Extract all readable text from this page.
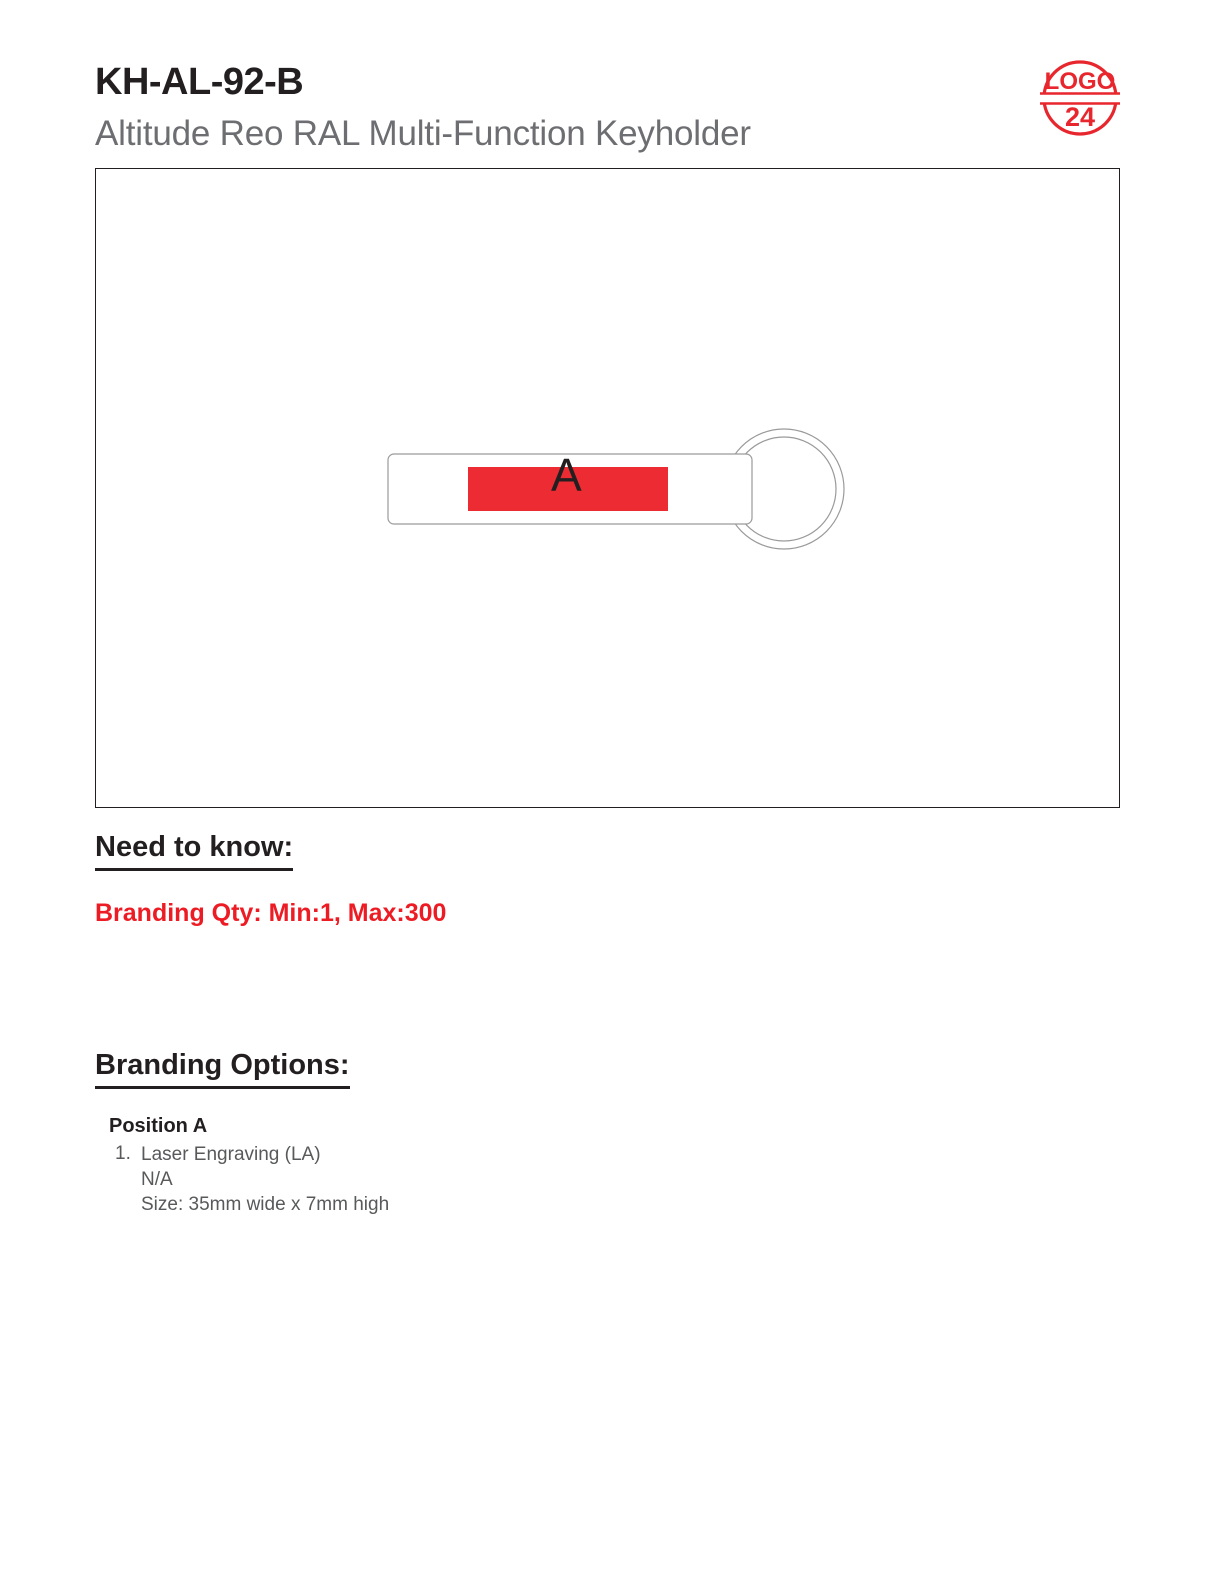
KH-AL-92-B
Altitude Reo RAL Multi-Function Keyholder
LOGO
24
A
Need to know:
Branding Qty: Min:1, Max:300
Branding Options:
Position A
1. Laser Engraving (LA)
N/A
Size: 35mm wide x 7mm high
